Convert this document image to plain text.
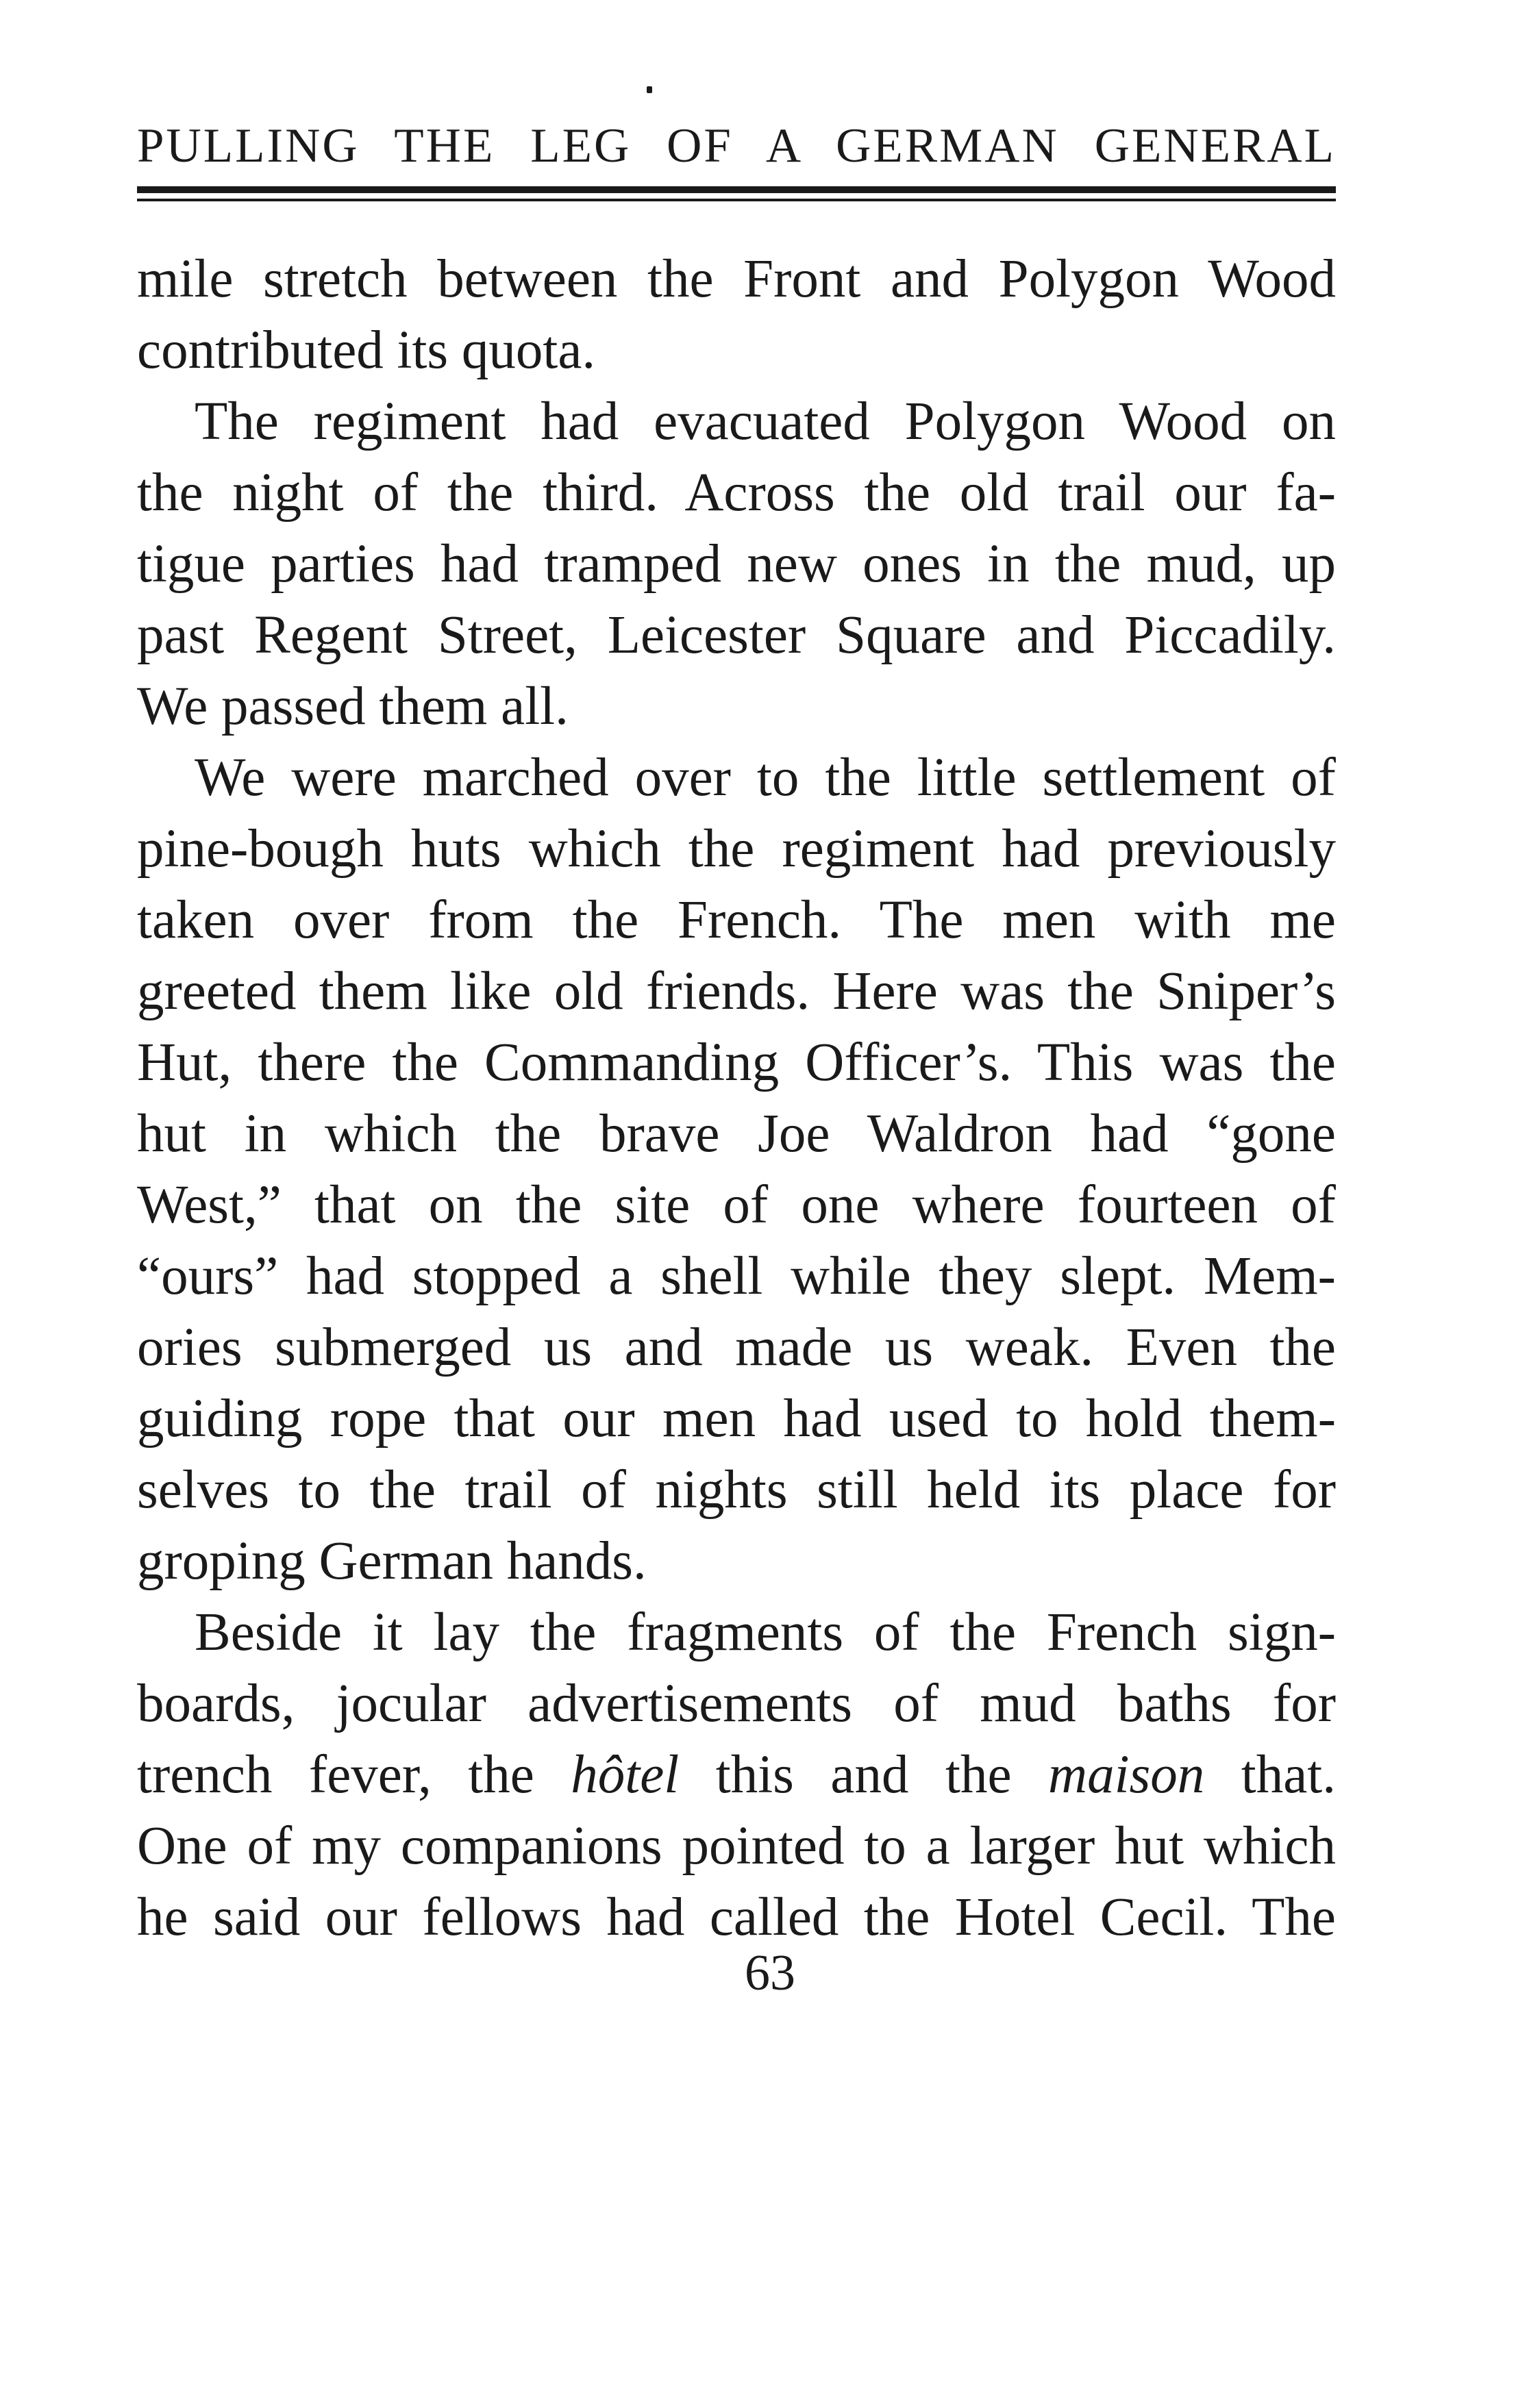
PULLING THE LEG OF A GERMAN GENERAL
mile stretch between the Front and Polygon Wood
contributed its quota.
The regiment had evacuated Polygon Wood on
the night of the third. Across the old trail our fa-
tigue parties had tramped new ones in the mud, up
past Regent Street, Leicester Square and Piccadily.
We passed them all.
We were marched over to the little settlement of
pine-bough huts which the regiment had previously
taken over from the French. The men with me
greeted them like old friends. Here was the Sniper’s
Hut, there the Commanding Officer’s. This was the
hut in which the brave Joe Waldron had “gone
West,” that on the site of one where fourteen of
“ours” had stopped a shell while they slept. Mem-
ories submerged us and made us weak. Even the
guiding rope that our men had used to hold them-
selves to the trail of nights still held its place for
groping German hands.
Beside it lay the fragments of the French sign-
boards, jocular advertisements of mud baths for
trench fever, the hôtel this and the maison that.
One of my companions pointed to a larger hut which
he said our fellows had called the Hotel Cecil. The
63
